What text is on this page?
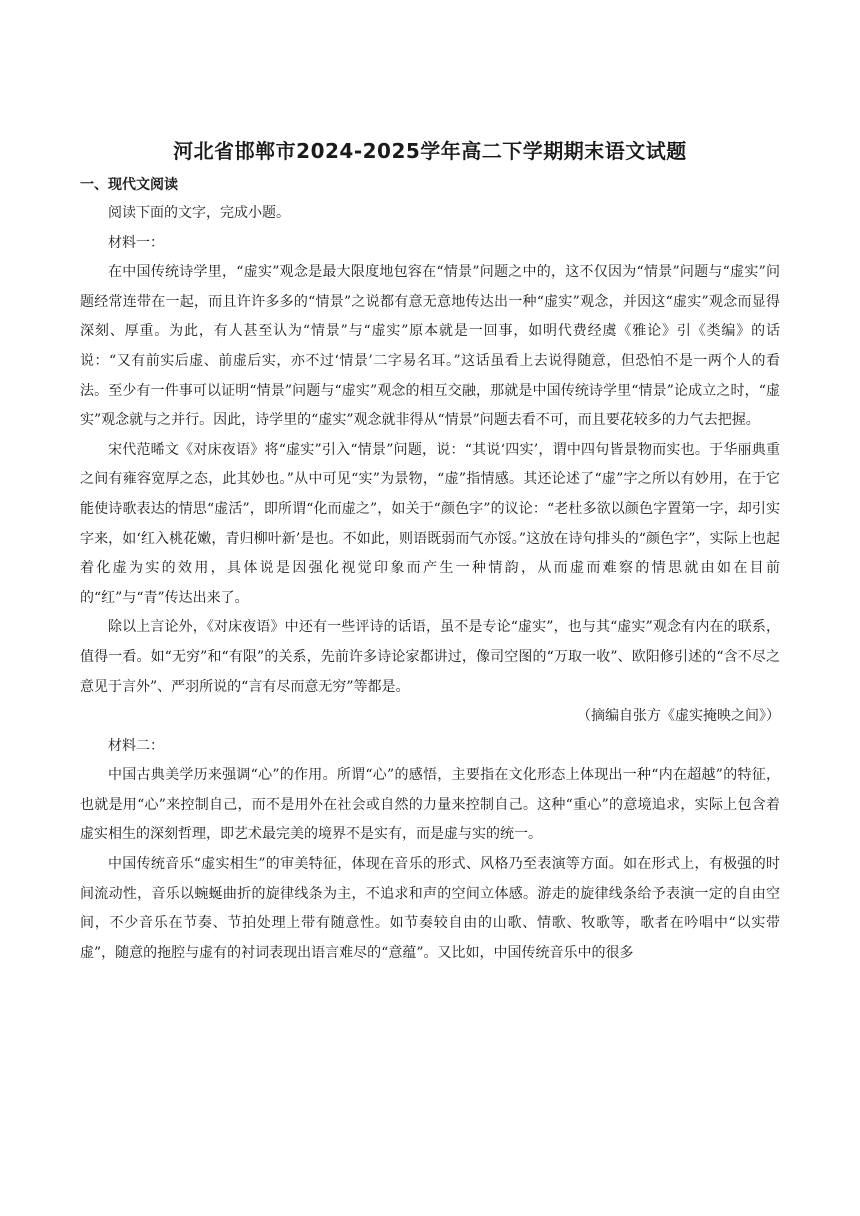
河北省邯郸市2024-2025学年高二下学期期末语文试题
一、现代文阅读

阅读下面的文字，完成小题。

材料一：

在中国传统诗学里，“虚实”观念是最大限度地包容在“情景”问题之中的，这不仅因为“情景”问题与“虚实”问题经常连带在一起，而且许许多多的“情景”之说都有意无意地传达出一种“虚实”观念，并因这“虚实”观念而显得深刻、厚重。为此，有人甚至认为“情景”与“虚实”原本就是一回事，如明代费经虞《雅论》引《类编》的话说：“又有前实后虚、前虚后实，亦不过‘情景’二字易名耳。”这话虽看上去说得随意，但恐怕不是一两个人的看法。至少有一件事可以证明“情景”问题与“虚实”观念的相互交融，那就是中国传统诗学里“情景”论成立之时，“虚实”观念就与之并行。因此，诗学里的“虚实”观念就非得从“情景”问题去看不可，而且要花较多的力气去把握。

宋代范晞文《对床夜语》将“虚实”引入“情景”问题，说：“其说‘四实’，谓中四句皆景物而实也。于华丽典重之间有雍容宽厚之态，此其妙也。”从中可见“实”为景物，“虚”指情感。其还论述了“虚”字之所以有妙用，在于它能使诗歌表达的情思“虚活”，即所谓“化而虚之”，如关于“颜色字”的议论：“老杜多欲以颜色字置第一字，却引实字来，如‘红入桃花嫩，青归柳叶新’是也。不如此，则语既弱而气亦馁。”这放在诗句排头的“颜色字”，实际上也起着化虚为实的效用，具体说是因强化视觉印象而产生一种情韵，从而虚而难察的情思就由如在目前的“红”与“青”传达出来了。

除以上言论外，《对床夜语》中还有一些评诗的话语，虽不是专论“虚实”，也与其“虚实”观念有内在的联系，值得一看。如“无穷”和“有限”的关系，先前许多诗论家都讲过，像司空图的“万取一收”、欧阳修引述的“含不尽之意见于言外”、严羽所说的“言有尽而意无穷”等都是。

（摘编自张方《虚实掩映之间》）

材料二：

中国古典美学历来强调“心”的作用。所谓“心”的感悟，主要指在文化形态上体现出一种“内在超越”的特征，也就是用“心”来控制自己，而不是用外在社会或自然的力量来控制自己。这种“重心”的意境追求，实际上包含着虚实相生的深刻哲理，即艺术最完美的境界不是实有，而是虚与实的统一。

中国传统音乐“虚实相生”的审美特征，体现在音乐的形式、风格乃至表演等方面。如在形式上，有极强的时间流动性，音乐以蜿蜒曲折的旋律线条为主，不追求和声的空间立体感。游走的旋律线条给予表演一定的自由空间，不少音乐在节奏、节拍处理上带有随意性。如节奏较自由的山歌、情歌、牧歌等，歌者在吟唱中“以实带虚”，随意的拖腔与虚有的衬词表现出语言难尽的“意蕴”。又比如，中国传统音乐中的很多
